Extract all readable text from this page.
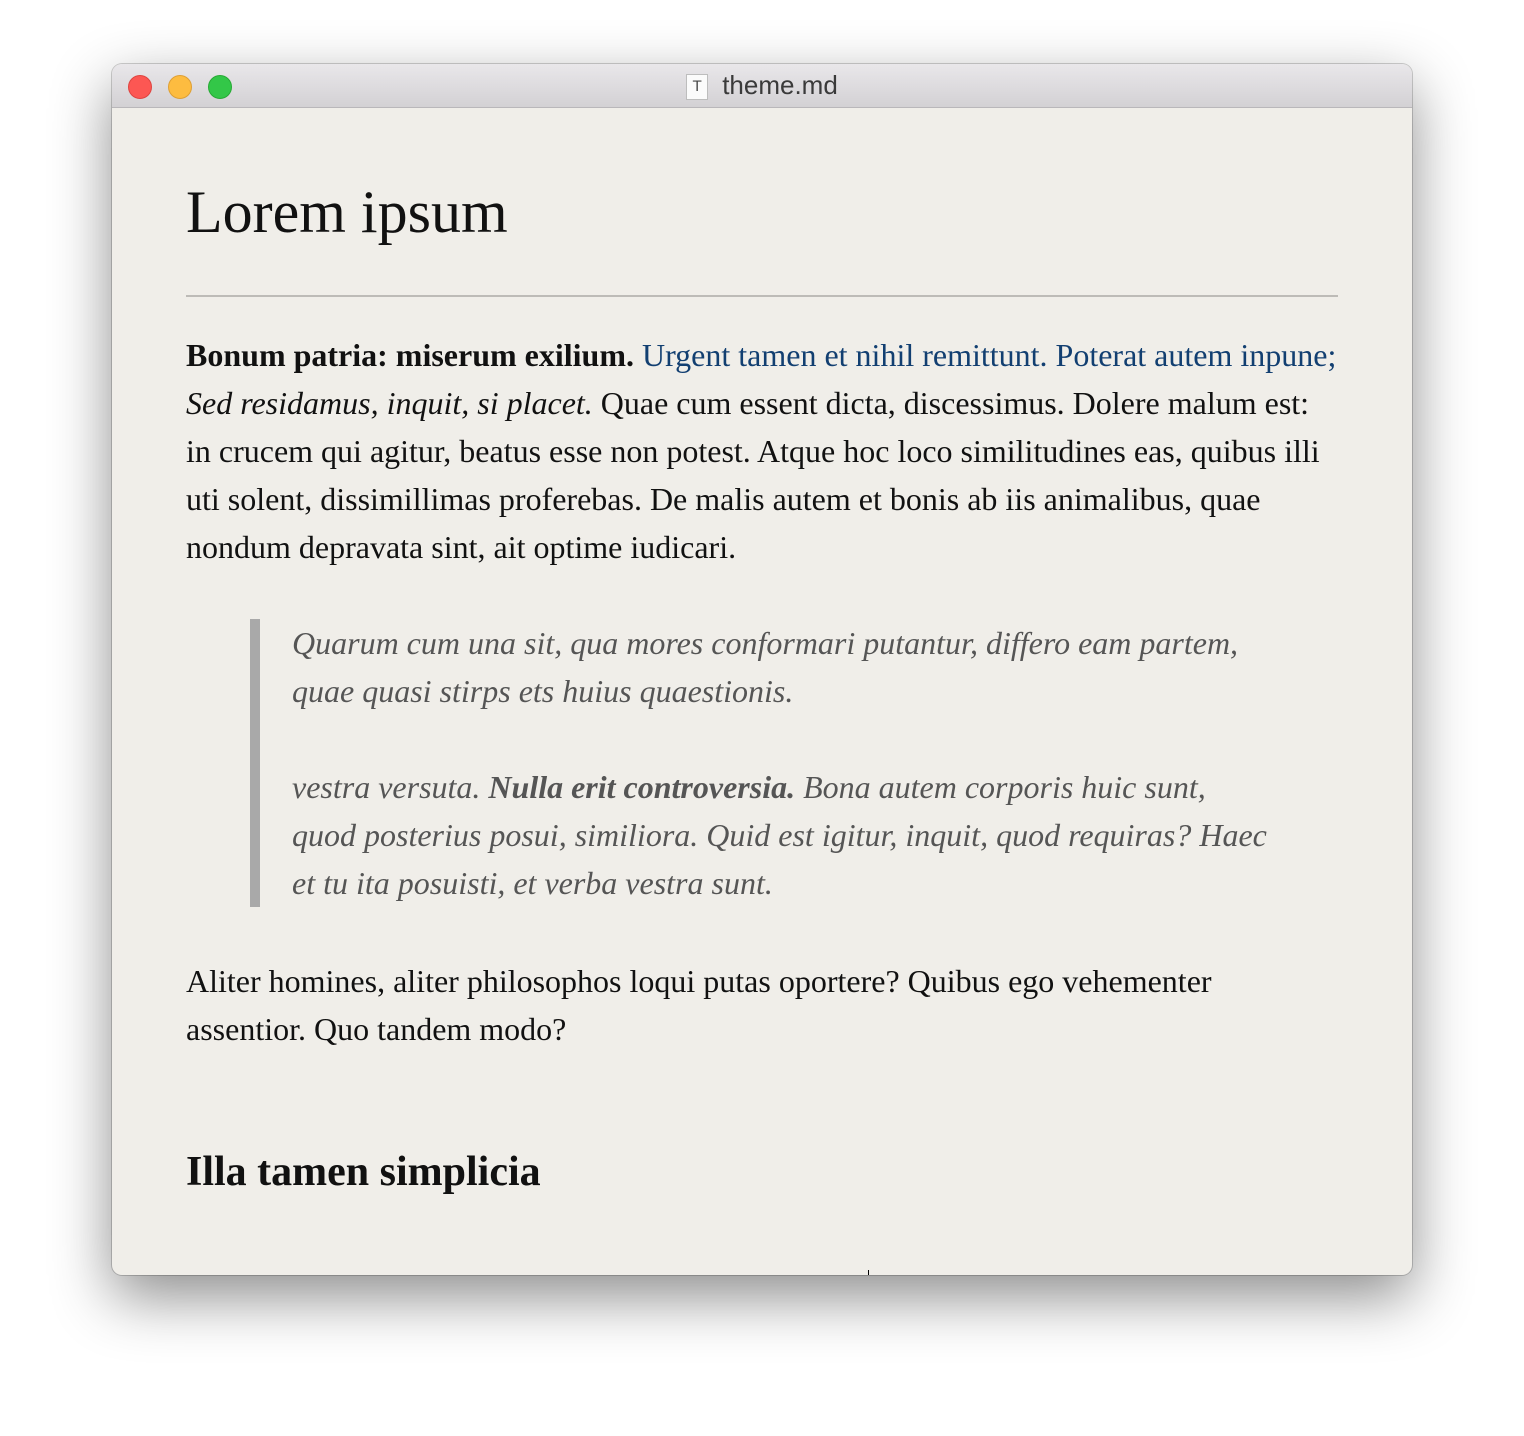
T theme.md
Lorem ipsum

Bonum patria: miserum exilium. Urgent tamen et nihil remittunt. Poterat autem inpune; Sed residamus, inquit, si placet. Quae cum essent dicta, discessimus. Dolere malum est: in crucem qui agitur, beatus esse non potest. Atque hoc loco similitudines eas, quibus illi uti solent, dissimillimas proferebas. De malis autem et bonis ab iis animalibus, quae nondum depravata sint, ait optime iudicari.

Quarum cum una sit, qua mores conformari putantur, differo eam partem, quae quasi stirps ets huius quaestionis.

vestra versuta. Nulla erit controversia. Bona autem corporis huic sunt, quod posterius posui, similiora. Quid est igitur, inquit, quod requiras? Haec et tu ita posuisti, et verba vestra sunt.

Aliter homines, aliter philosophos loqui putas oportere? Quibus ego vehementer assentior. Quo tandem modo?

Illa tamen simplicia
